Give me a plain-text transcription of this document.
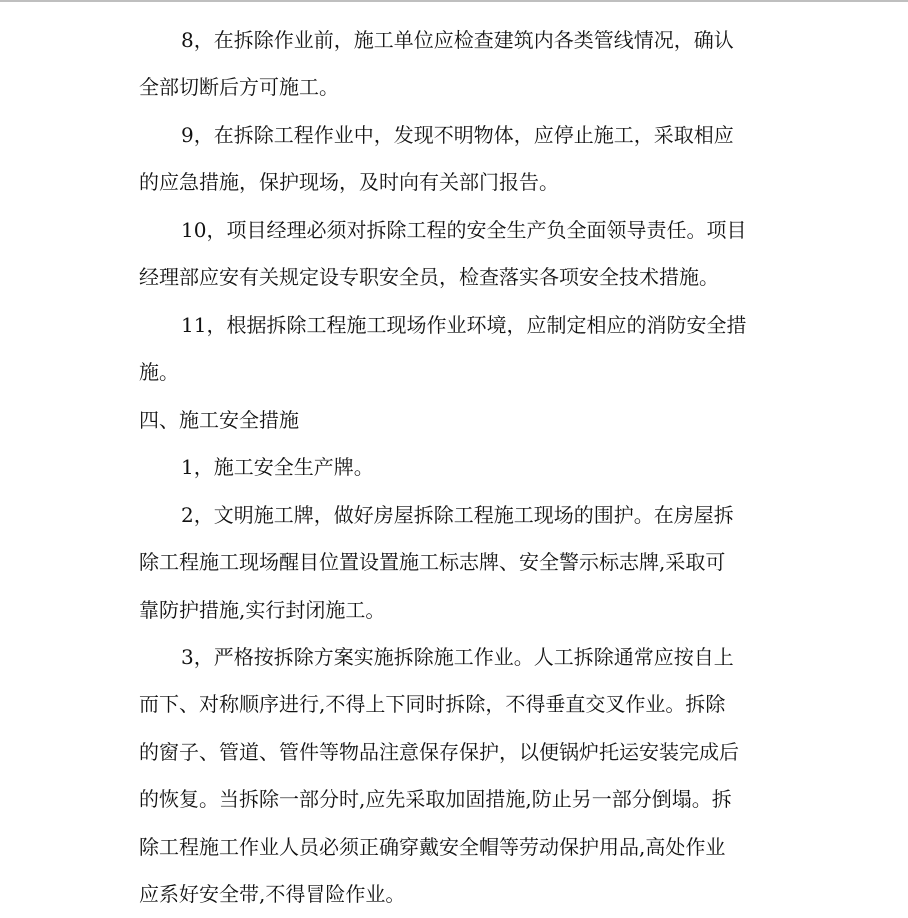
8，在拆除作业前，施工单位应检查建筑内各类管线情况，确认
全部切断后方可施工。
9，在拆除工程作业中，发现不明物体，应停止施工，采取相应
的应急措施，保护现场，及时向有关部门报告。
10，项目经理必须对拆除工程的安全生产负全面领导责任。项目
经理部应安有关规定设专职安全员，检查落实各项安全技术措施。
11，根据拆除工程施工现场作业环境，应制定相应的消防安全措
施。
四、施工安全措施
1，施工安全生产牌。
2，文明施工牌，做好房屋拆除工程施工现场的围护。在房屋拆
除工程施工现场醒目位置设置施工标志牌、安全警示标志牌,采取可
靠防护措施,实行封闭施工。
3，严格按拆除方案实施拆除施工作业。人工拆除通常应按自上
而下、对称顺序进行,不得上下同时拆除，不得垂直交叉作业。拆除
的窗子、管道、管件等物品注意保存保护，以便锅炉托运安装完成后
的恢复。当拆除一部分时,应先采取加固措施,防止另一部分倒塌。拆
除工程施工作业人员必须正确穿戴安全帽等劳动保护用品,高处作业
应系好安全带,不得冒险作业。
